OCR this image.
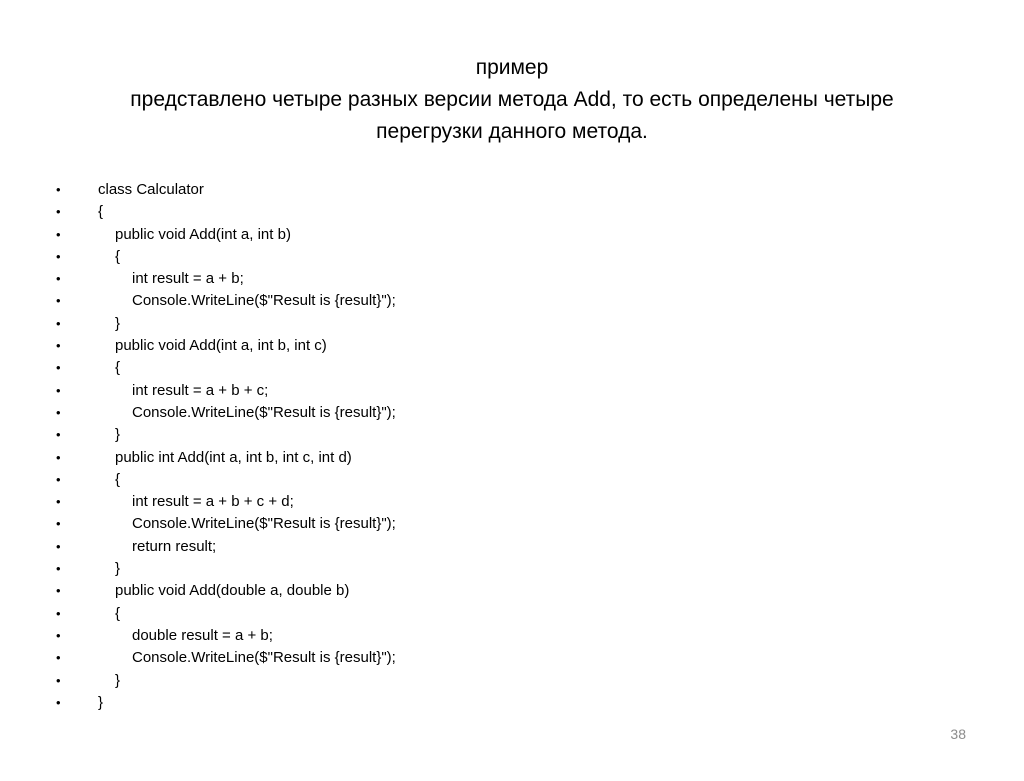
пример
представлено четыре разных версии метода Add, то есть определены четыре
перегрузки данного метода.

•

	class Calculator

•

	{

•

	public void Add(int a, int b)

•

	{

•

	int result = a + b;

•

	Console.WriteLine($"Result is {result}");

•

	}

•

	public void Add(int a, int b, int c)

•

	{

•

	int result = a + b + c;

•

	Console.WriteLine($"Result is {result}");

•

	}

•

	public int Add(int a, int b, int c, int d)

•

	{

•

	int result = a + b + c + d;

•

	Console.WriteLine($"Result is {result}");

•

	return result;

•

	}

•

	public void Add(double a, double b)

•

	{

•

	double result = a + b;

•

	Console.WriteLine($"Result is {result}");

•

	}

•

	}

38
